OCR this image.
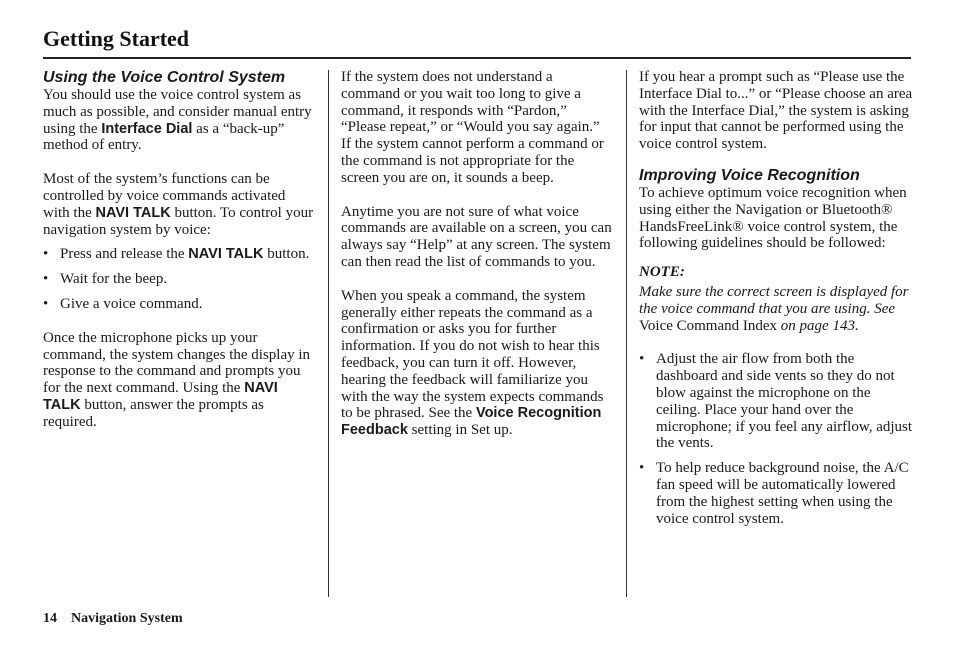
Getting Started

Using the Voice Control System

You should use the voice control system as much as possible, and consider manual entry using the Interface Dial as a “back-up” method of entry.

Most of the system’s functions can be controlled by voice commands activated with the NAVI TALK button. To control your navigation system by voice:

• Press and release the NAVI TALK button.
• Wait for the beep.
• Give a voice command.

Once the microphone picks up your command, the system changes the display in response to the command and prompts you for the next command. Using the NAVI TALK button, answer the prompts as required.

If the system does not understand a command or you wait too long to give a command, it responds with “Pardon,” “Please repeat,” or “Would you say again.” If the system cannot perform a command or the command is not appropriate for the screen you are on, it sounds a beep.

Anytime you are not sure of what voice commands are available on a screen, you can always say “Help” at any screen. The system can then read the list of commands to you.

When you speak a command, the system generally either repeats the command as a confirmation or asks you for further information. If you do not wish to hear this feedback, you can turn it off. However, hearing the feedback will familiarize you with the way the system expects commands to be phrased. See the Voice Recognition Feedback setting in Set up.

If you hear a prompt such as “Please use the Interface Dial to...” or “Please choose an area with the Interface Dial,” the system is asking for input that cannot be performed using the voice control system.

Improving Voice Recognition

To achieve optimum voice recognition when using either the Navigation or Bluetooth® HandsFreeLink® voice control system, the following guidelines should be followed:

NOTE:

Make sure the correct screen is displayed for the voice command that you are using. See Voice Command Index on page 143.

• Adjust the air flow from both the dashboard and side vents so they do not blow against the microphone on the ceiling. Place your hand over the microphone; if you feel any airflow, adjust the vents.
• To help reduce background noise, the A/C fan speed will be automatically lowered from the highest setting when using the voice control system.
14 Navigation System
